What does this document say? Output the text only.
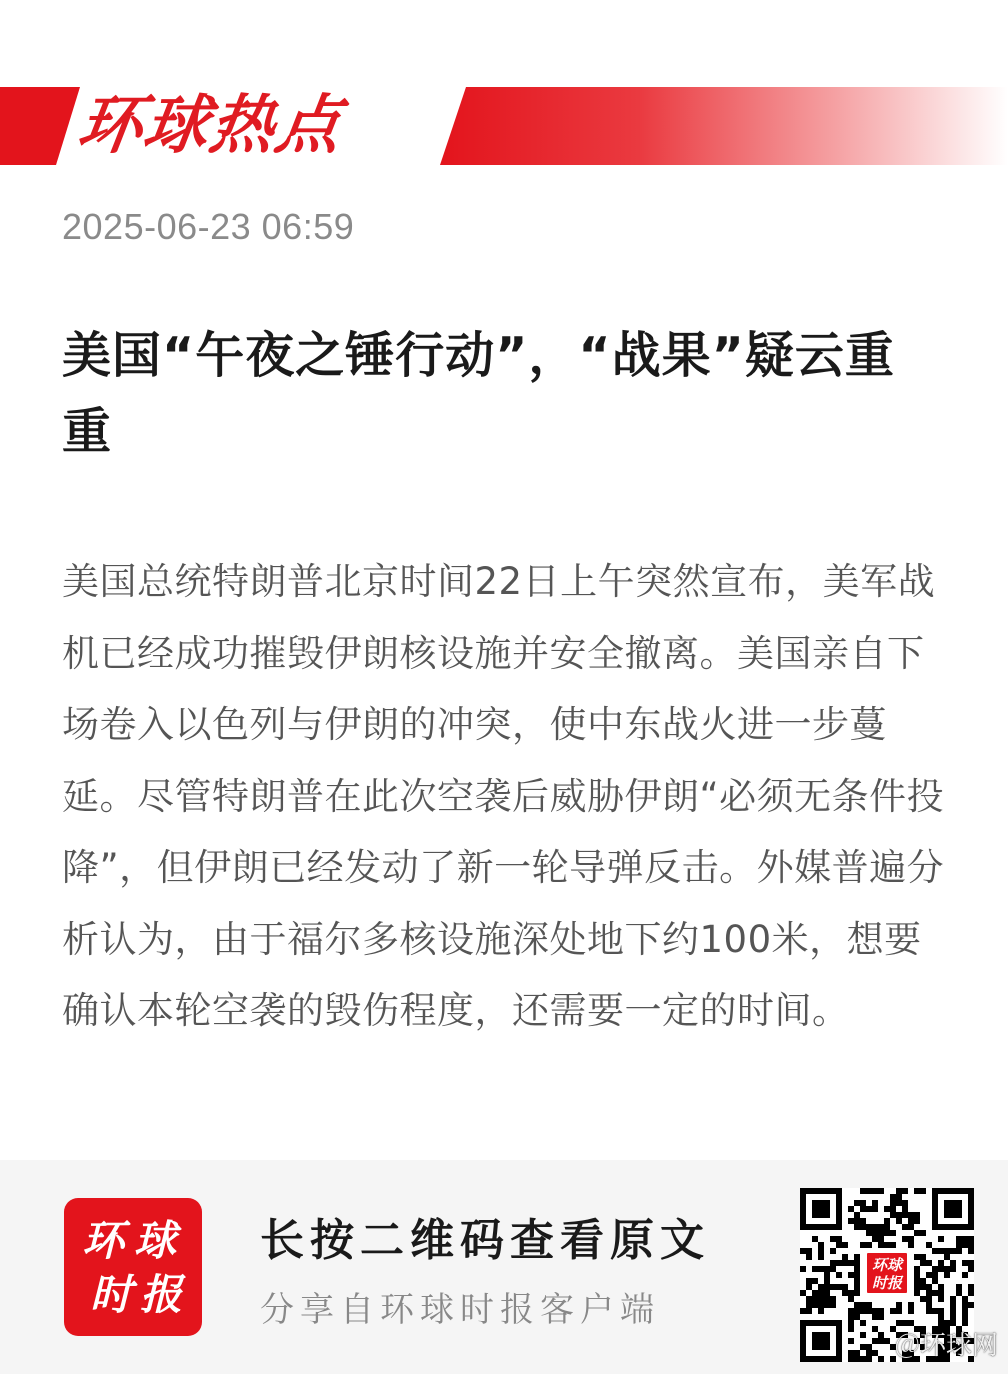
环球热点
2025-06-23 06:59
美国“午夜之锤行动”，“战果”疑云重重

美国总统特朗普北京时间22日上午突然宣布，美军战机已经成功摧毁伊朗核设施并安全撤离。美国亲自下场卷入以色列与伊朗的冲突，使中东战火进一步蔓延。尽管特朗普在此次空袭后威胁伊朗“必须无条件投降”，但伊朗已经发动了新一轮导弹反击。外媒普遍分析认为，由于福尔多核设施深处地下约100米，想要确认本轮空袭的毁伤程度，还需要一定的时间。

环 球
时 报
长按二维码查看原文
分享自环球时报客户端
环球时报
＠环球网
